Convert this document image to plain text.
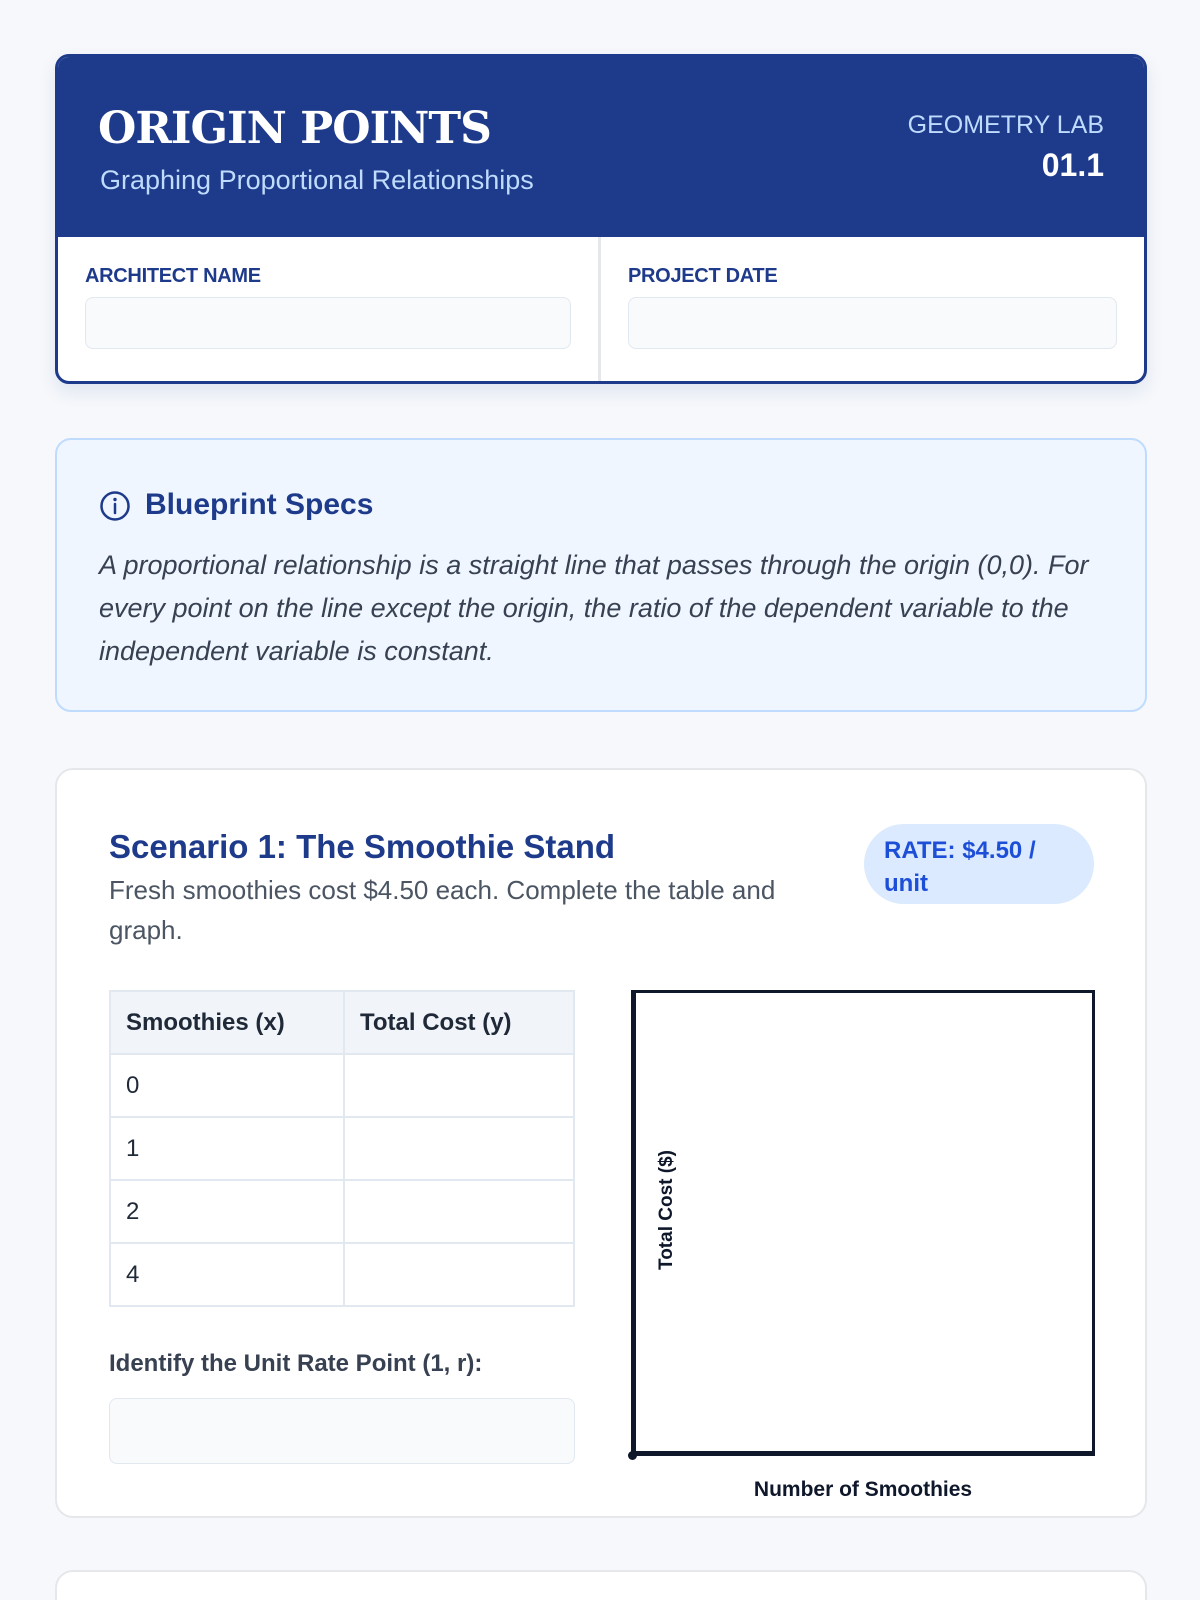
ORIGIN POINTS
Graphing Proportional Relationships
GEOMETRY LAB
01.1
ARCHITECT NAME	PROJECT DATE
Blueprint Specs
A proportional relationship is a straight line that passes through the origin (0,0). For every point on the line except the origin, the ratio of the dependent variable to the independent variable is constant.
Scenario 1: The Smoothie Stand
Fresh smoothies cost $4.50 each. Complete the table and graph.
RATE: $4.50 / unit
Smoothies (x)	Total Cost (y)
0	
1	
2	
4	
Identify the Unit Rate Point (1, r):
Total Cost ($)
Number of Smoothies
